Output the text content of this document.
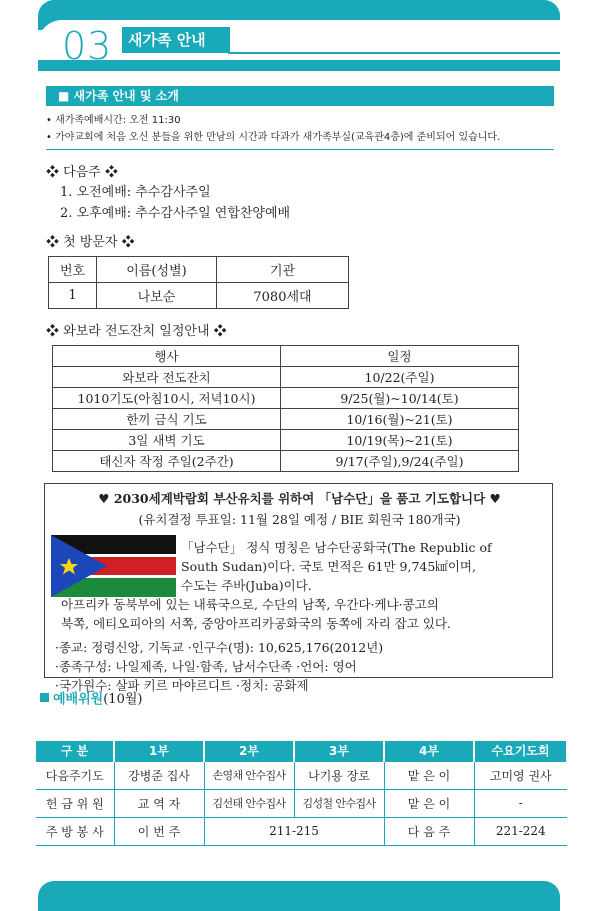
03	새가족 안내
■ 새가족 안내 및 소개
• 새가족예배시간: 오전 11:30
• 가야교회에 처음 오신 분들을 위한 만남의 시간과 다과가 새가족부실(교육관4층)에 준비되어 있습니다.
❖ 다음주 ❖
1. 오전예배: 추수감사주일
2. 오후예배: 추수감사주일 연합찬양예배
❖ 첫 방문자 ❖
번호	이름(성별)	기관
1	나보순	7080세대
❖ 와보라 전도잔치 일정안내 ❖
행사	일정
와보라 전도잔치	10/22(주일)
1010기도(아침10시, 저녁10시)	9/25(월)~10/14(토)
한끼 금식 기도	10/16(월)~21(토)
3일 새벽 기도	10/19(목)~21(토)
태신자 작정 주일(2주간)	9/17(주일),9/24(주일)
♥ 2030세계박람회 부산유치를 위하여 「남수단」을 품고 기도합니다 ♥
(유치결정 투표일: 11월 28일 예정 / BIE 회원국 180개국)
「남수단」 정식 명칭은 남수단공화국(The Republic of
South Sudan)이다. 국토 면적은 61만 9,745㎢이며,
수도는 주바(Juba)이다.
아프리카 동북부에 있는 내륙국으로, 수단의 남쪽, 우간다·케냐·콩고의
북쪽, 에티오피아의 서쪽, 중앙아프리카공화국의 동쪽에 자리 잡고 있다.
·종교: 정령신앙, 기독교 ·인구수(명): 10,625,176(2012년)
·종족구성: 나일제족, 나일·함족, 남서수단족 ·언어: 영어
·국가원수: 살파 키르 마야르디트 ·정치: 공화제
예배위원(10월)
구 분	1부	2부	3부	4부	수요기도회
다음주기도	강병준 집사	손영채 안수집사	나기용 장로	맡 은 이	고미영 권사
헌 금 위 원	교 역 자	김선태 안수집사	김성철 안수집사	맡 은 이	-
주 방 봉 사	이 번 주	211-215		다 음 주	221-224
